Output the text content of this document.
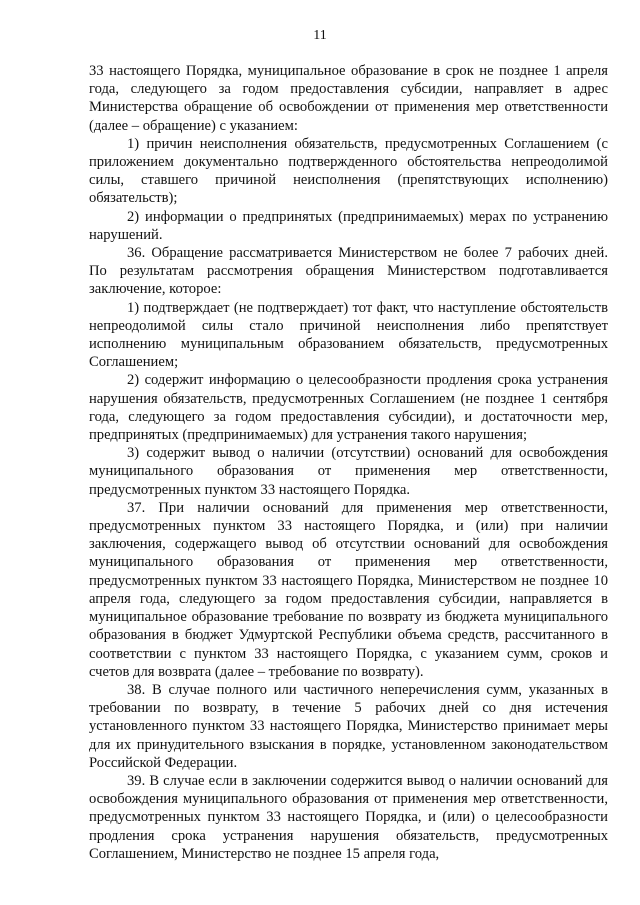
11

33 настоящего Порядка, муниципальное образование в срок не позднее 1 апреля года, следующего за годом предоставления субсидии, направляет в адрес Министерства обращение об освобождении от применения мер ответственности (далее – обращение) с указанием:

1) причин неисполнения обязательств, предусмотренных Соглашением (с приложением документально подтвержденного обстоятельства непреодолимой силы, ставшего причиной неисполнения (препятствующих исполнению) обязательств);

2) информации о предпринятых (предпринимаемых) мерах по устранению нарушений.

36. Обращение рассматривается Министерством не более 7 рабочих дней. По результатам рассмотрения обращения Министерством подготавливается заключение, которое:

1) подтверждает (не подтверждает) тот факт, что наступление обстоятельств непреодолимой силы стало причиной неисполнения либо препятствует исполнению муниципальным образованием обязательств, предусмотренных Соглашением;

2) содержит информацию о целесообразности продления срока устранения нарушения обязательств, предусмотренных Соглашением (не позднее 1 сентября года, следующего за годом предоставления субсидии), и достаточности мер, предпринятых (предпринимаемых) для устранения такого нарушения;

3) содержит вывод о наличии (отсутствии) оснований для освобождения муниципального образования от применения мер ответственности, предусмотренных пунктом 33 настоящего Порядка.

37. При наличии оснований для применения мер ответственности, предусмотренных пунктом 33 настоящего Порядка, и (или) при наличии заключения, содержащего вывод об отсутствии оснований для освобождения муниципального образования от применения мер ответственности, предусмотренных пунктом 33 настоящего Порядка, Министерством не позднее 10 апреля года, следующего за годом предоставления субсидии, направляется в муниципальное образование требование по возврату из бюджета муниципального образования в бюджет Удмуртской Республики объема средств, рассчитанного в соответствии с пунктом 33 настоящего Порядка, с указанием сумм, сроков и счетов для возврата (далее – требование по возврату).

38. В случае полного или частичного неперечисления сумм, указанных в требовании по возврату, в течение 5 рабочих дней со дня истечения установленного пунктом 33 настоящего Порядка, Министерство принимает меры для их принудительного взыскания в порядке, установленном законодательством Российской Федерации.

39. В случае если в заключении содержится вывод о наличии оснований для освобождения муниципального образования от применения мер ответственности, предусмотренных пунктом 33 настоящего Порядка, и (или) о целесообразности продления срока устранения нарушения обязательств, предусмотренных Соглашением, Министерство не позднее 15 апреля года,
